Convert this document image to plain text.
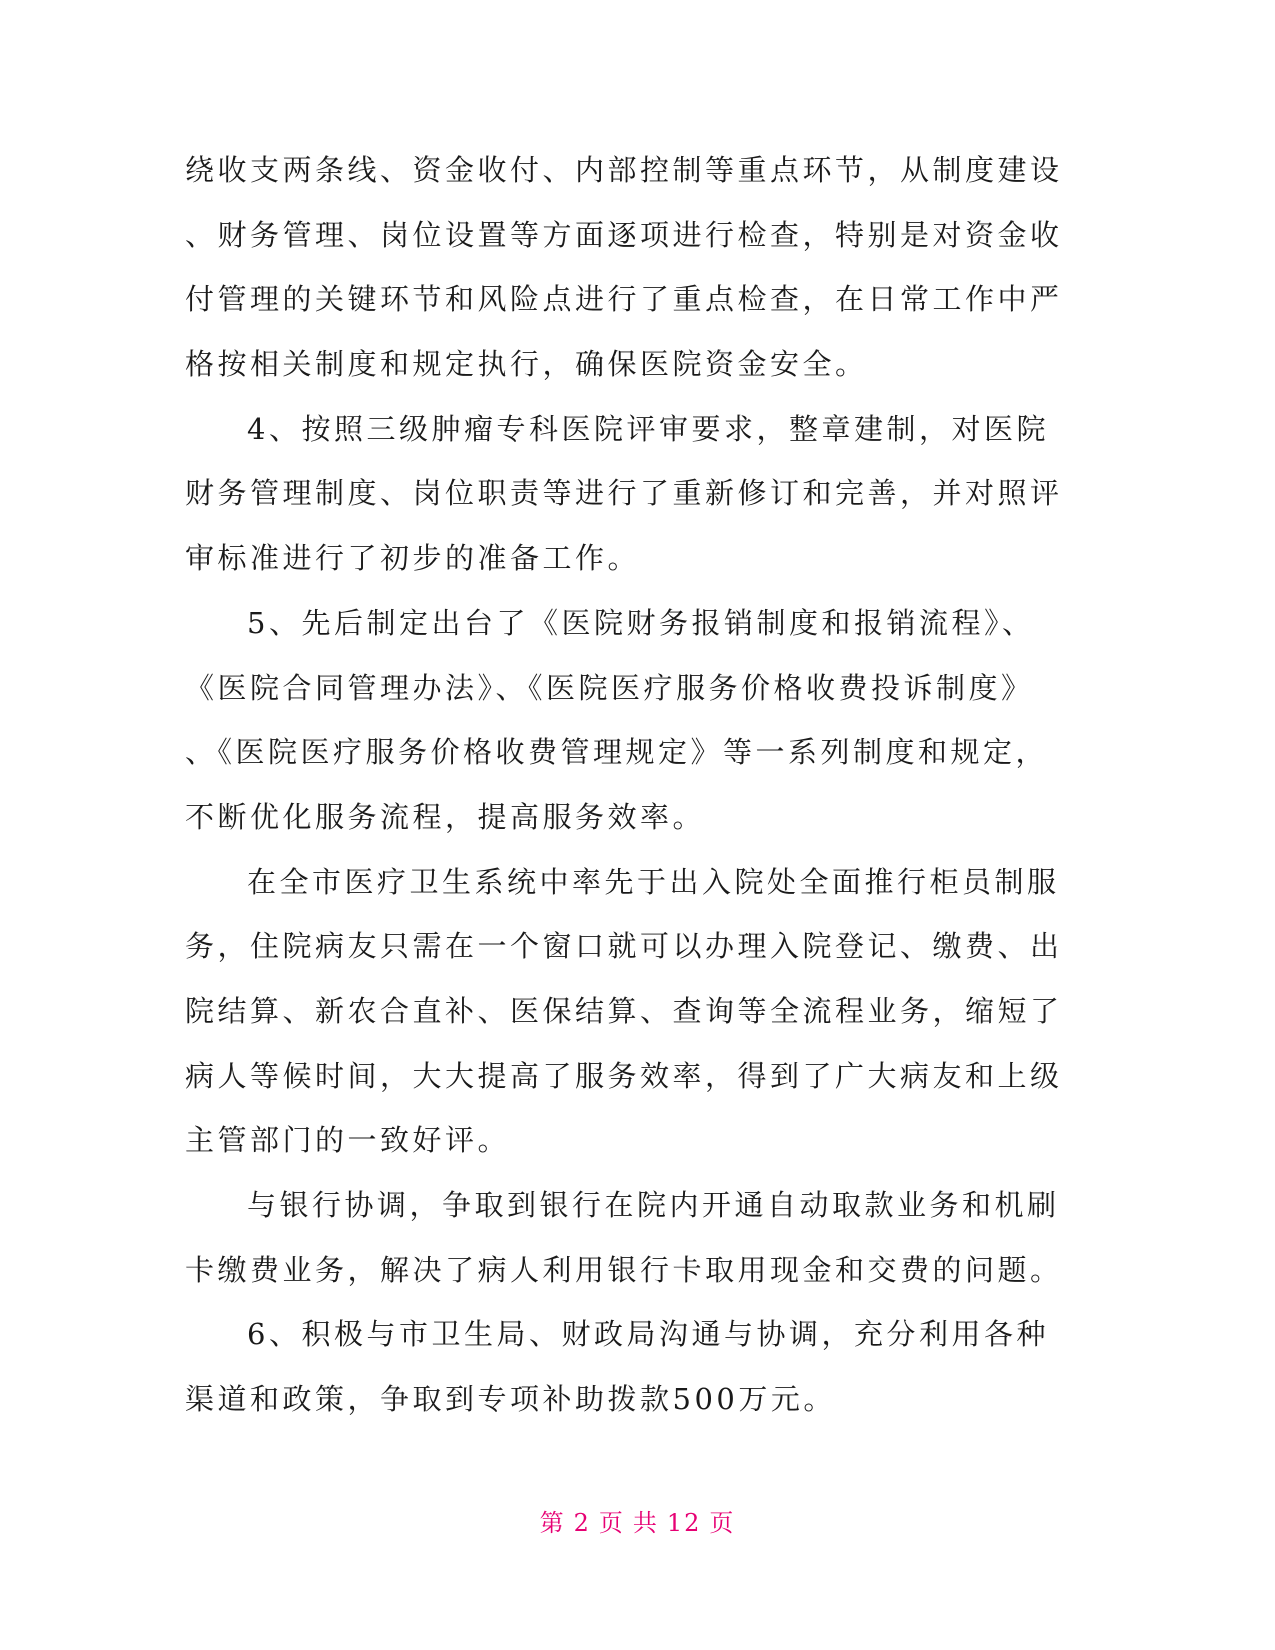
绕收支两条线、资金收付、内部控制等重点环节，从制度建设
、财务管理、岗位设置等方面逐项进行检查，特别是对资金收
付管理的关键环节和风险点进行了重点检查，在日常工作中严
格按相关制度和规定执行，确保医院资金安全。
4、按照三级肿瘤专科医院评审要求，整章建制，对医院
财务管理制度、岗位职责等进行了重新修订和完善，并对照评
审标准进行了初步的准备工作。
5、先后制定出台了《医院财务报销制度和报销流程》、
《医院合同管理办法》、《医院医疗服务价格收费投诉制度》
、《医院医疗服务价格收费管理规定》等一系列制度和规定，
不断优化服务流程，提高服务效率。
在全市医疗卫生系统中率先于出入院处全面推行柜员制服
务，住院病友只需在一个窗口就可以办理入院登记、缴费、出
院结算、新农合直补、医保结算、查询等全流程业务，缩短了
病人等候时间，大大提高了服务效率，得到了广大病友和上级
主管部门的一致好评。
与银行协调，争取到银行在院内开通自动取款业务和机刷
卡缴费业务，解决了病人利用银行卡取用现金和交费的问题。
6、积极与市卫生局、财政局沟通与协调，充分利用各种
渠道和政策，争取到专项补助拨款500万元。
第 2 页 共 12 页
